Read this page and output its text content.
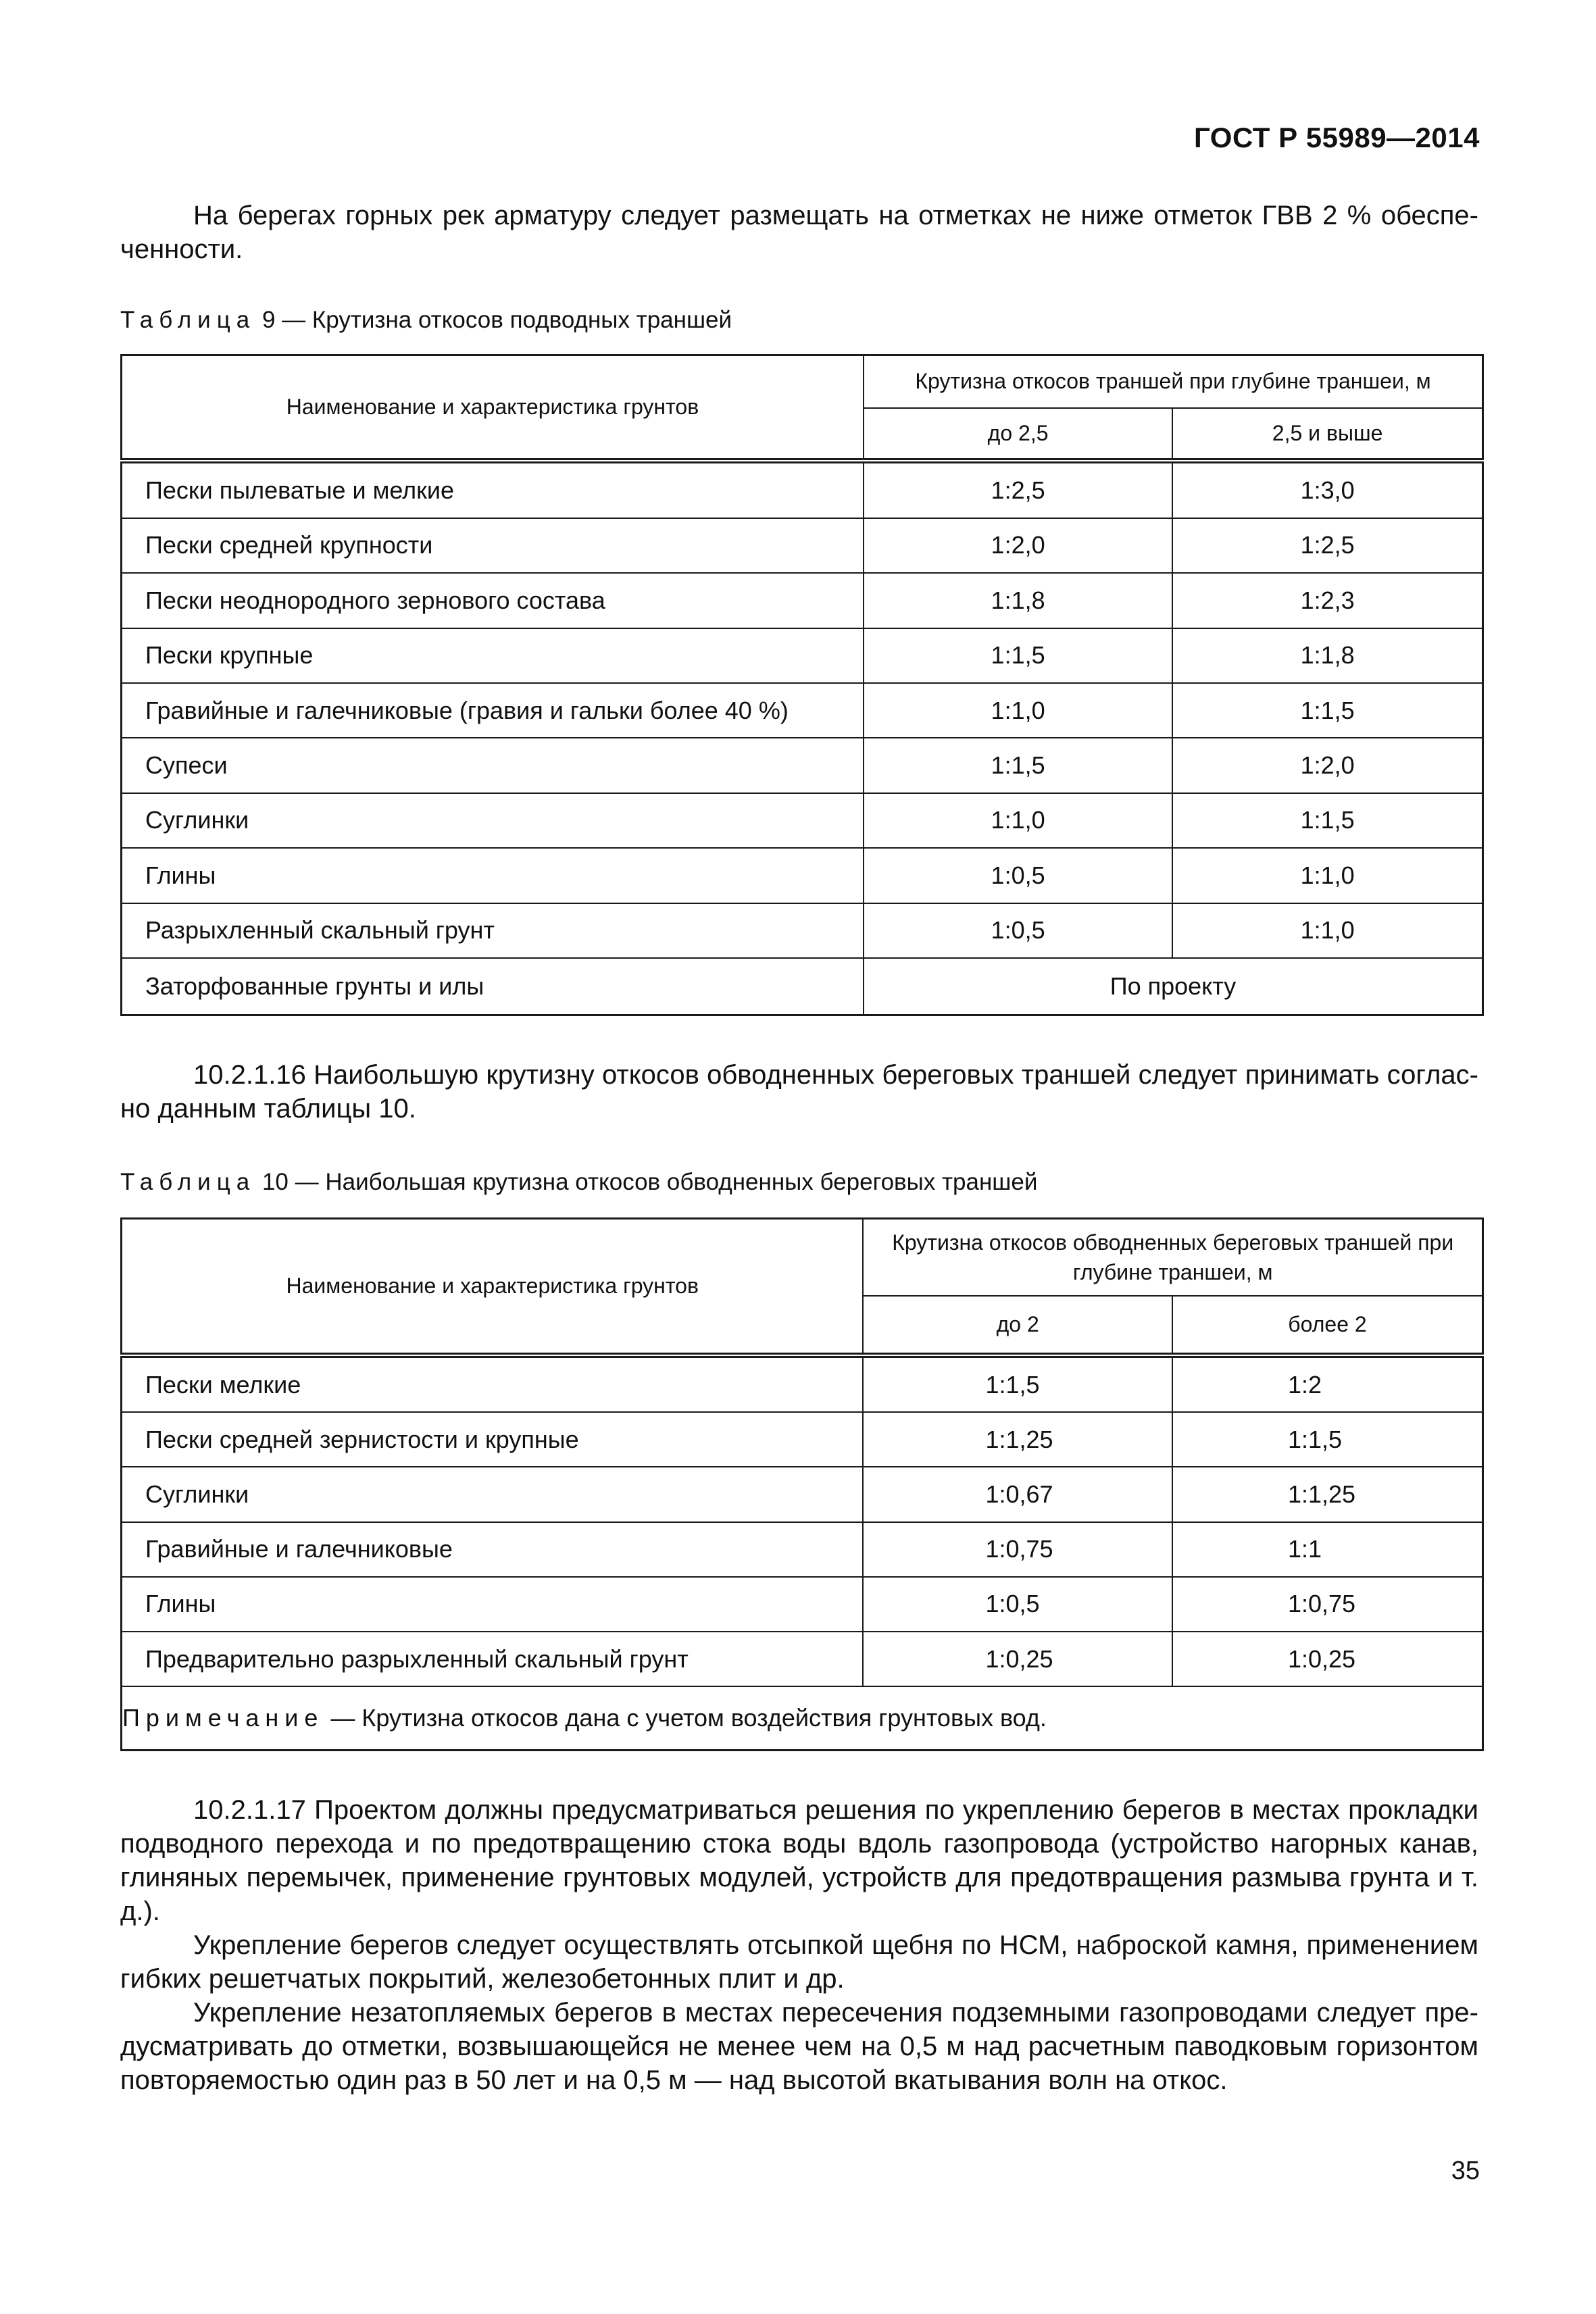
ГОСТ Р 55989—2014

На берегах горных рек арматуру следует размещать на отметках не ниже отметок ГВВ 2 % обеспе-ченности.

Таблица 9 — Крутизна откосов подводных траншей
Наименование и характеристика грунтов	Крутизна откосов траншей при глубине траншеи, м	
	до 2,5	2,5 и выше
Пески пылеватые и мелкие	1:2,5	1:3,0
Пески средней крупности	1:2,0	1:2,5
Пески неоднородного зернового состава	1:1,8	1:2,3
Пески крупные	1:1,5	1:1,8
Гравийные и галечниковые (гравия и гальки более 40 %)	1:1,0	1:1,5
Супеси	1:1,5	1:2,0
Суглинки	1:1,0	1:1,5
Глины	1:0,5	1:1,0
Разрыхленный скальный грунт	1:0,5	1:1,0
Заторфованные грунты и илы	По проекту	

10.2.1.16 Наибольшую крутизну откосов обводненных береговых траншей следует принимать соглас-но данным таблицы 10.

Таблица 10 — Наибольшая крутизна откосов обводненных береговых траншей
Наименование и характеристика грунтов	Крутизна откосов обводненных береговых траншей при глубине траншеи, м	
	до 2	более 2
Пески мелкие	1:1,5	1:2
Пески средней зернистости и крупные	1:1,25	1:1,5
Суглинки	1:0,67	1:1,25
Гравийные и галечниковые	1:0,75	1:1
Глины	1:0,5	1:0,75
Предварительно разрыхленный скальный грунт	1:0,25	1:0,25
Примечание — Крутизна откосов дана с учетом воздействия грунтовых вод.		

10.2.1.17 Проектом должны предусматриваться решения по укреплению берегов в местах прокладки подводного перехода и по предотвращению стока воды вдоль газопровода (устройство нагорных канав, глиняных перемычек, применение грунтовых модулей, устройств для предотвращения размыва грунта и т. д.).

Укрепление берегов следует осуществлять отсыпкой щебня по НСМ, наброской камня, применением гибких решетчатых покрытий, железобетонных плит и др.

Укрепление незатопляемых берегов в местах пересечения подземными газопроводами следует пре-дусматривать до отметки, возвышающейся не менее чем на 0,5 м над расчетным паводковым горизонтом повторяемостью один раз в 50 лет и на 0,5 м — над высотой вкатывания волн на откос.

35
